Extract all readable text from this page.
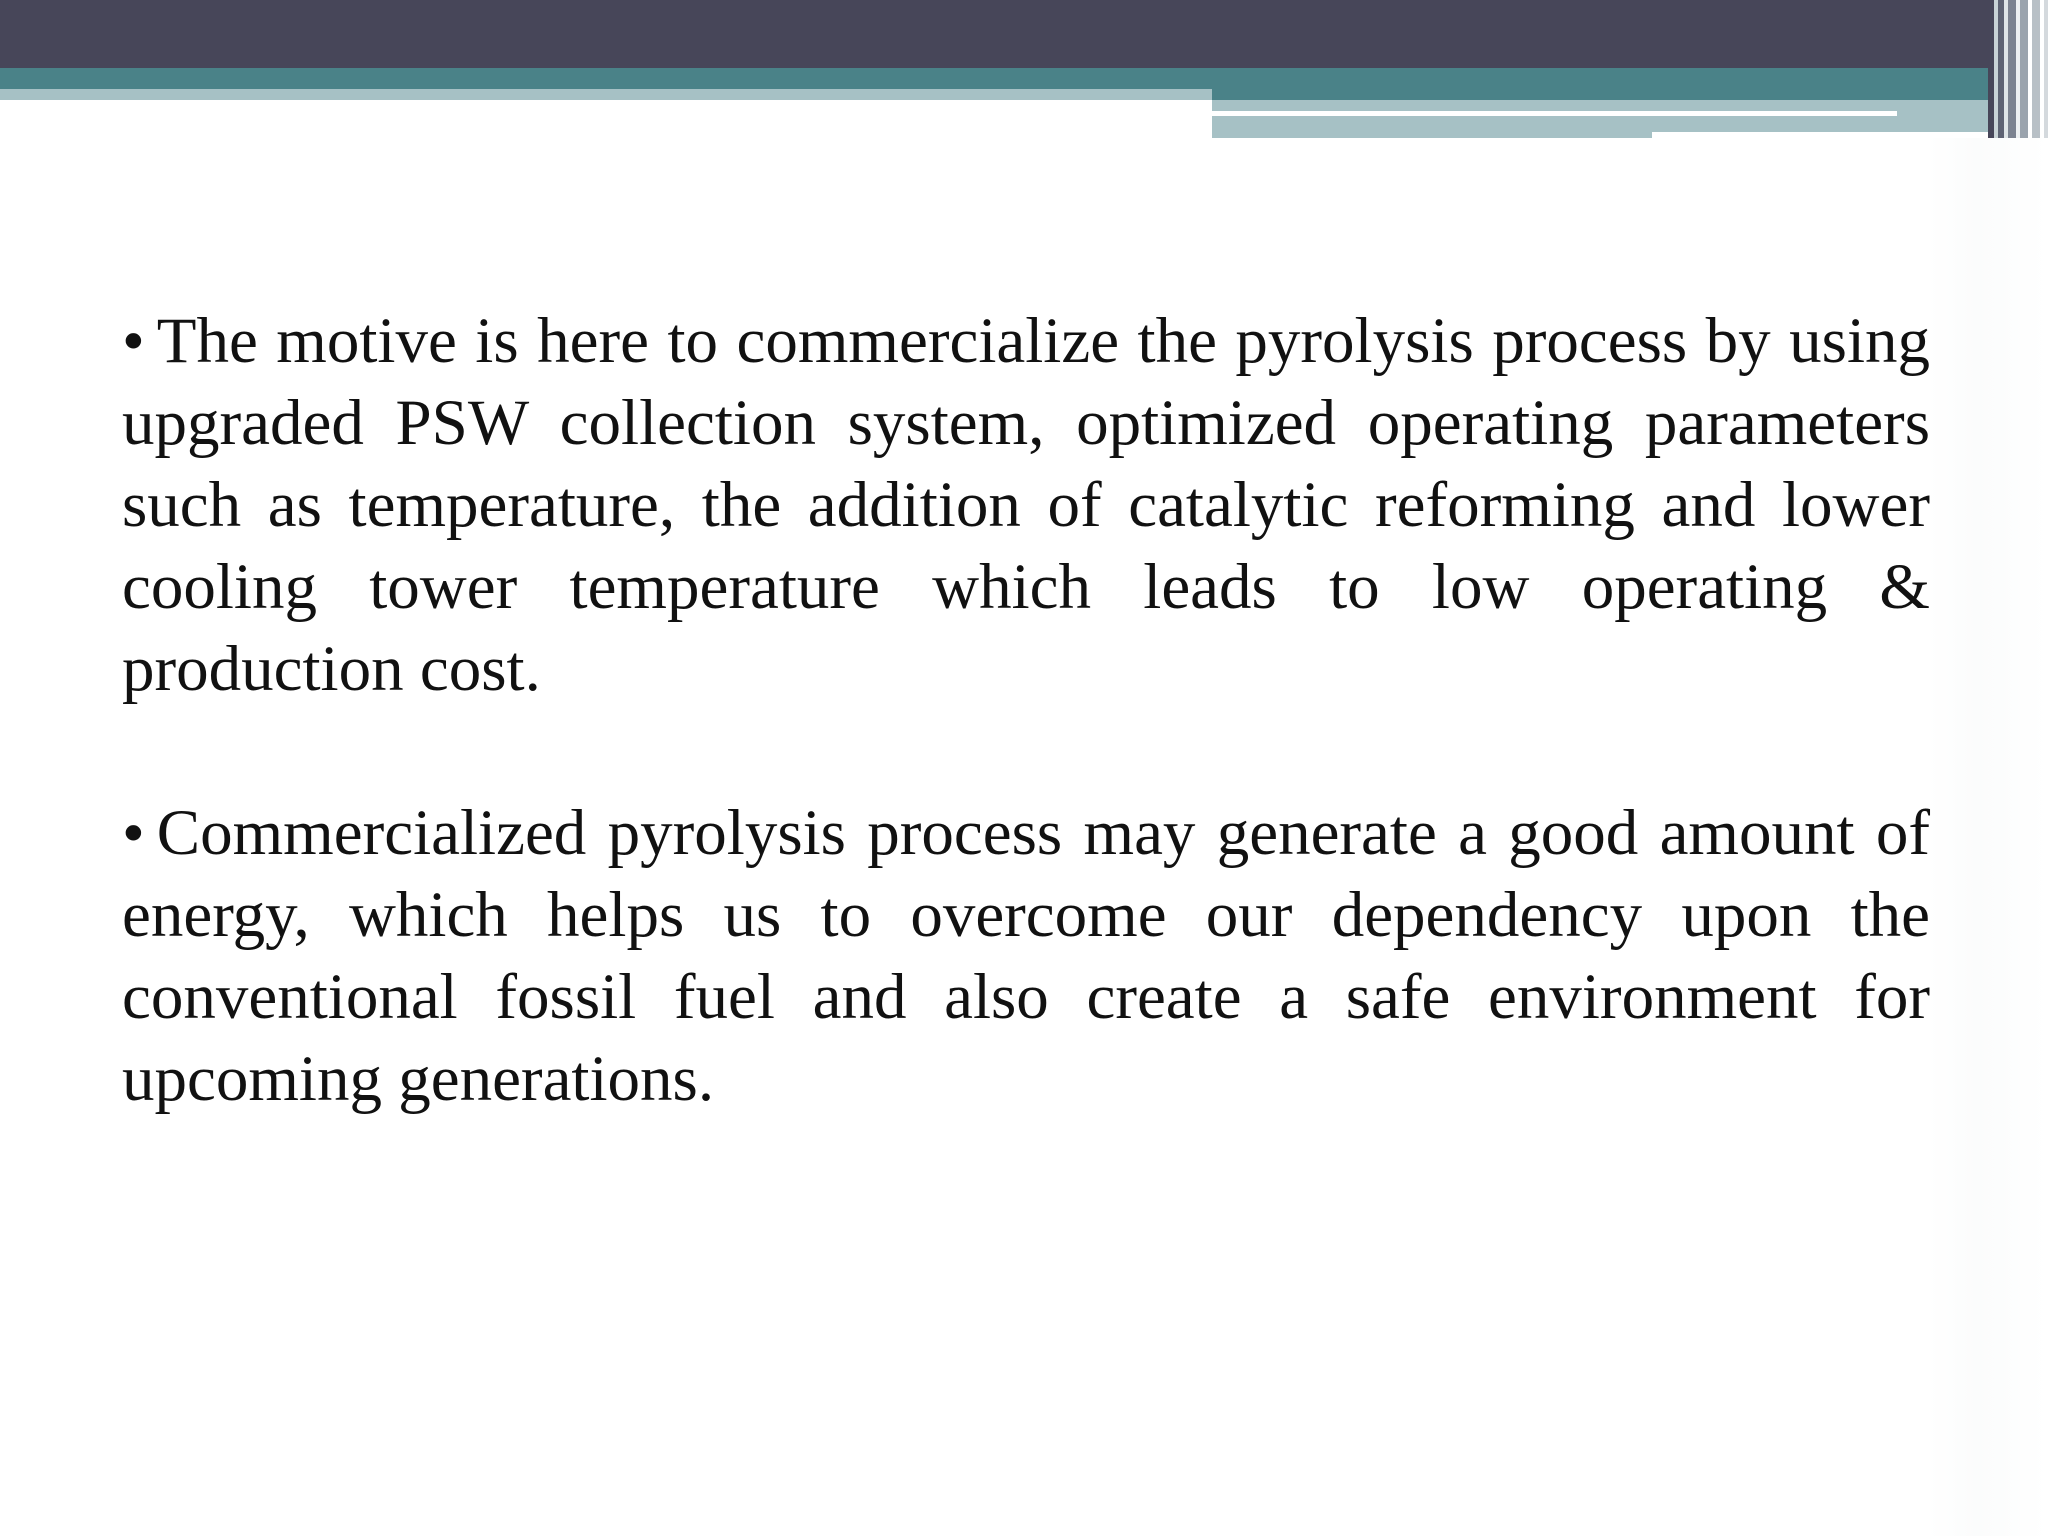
• The motive is here to commercialize the pyrolysis process by using upgraded PSW collection system, optimized operating parameters such as temperature, the addition of catalytic reforming and lower cooling tower temperature which leads to low operating & production cost.

• Commercialized pyrolysis process may generate a good amount of energy, which helps us to overcome our dependency upon the conventional fossil fuel and also create a safe environment for upcoming generations.
